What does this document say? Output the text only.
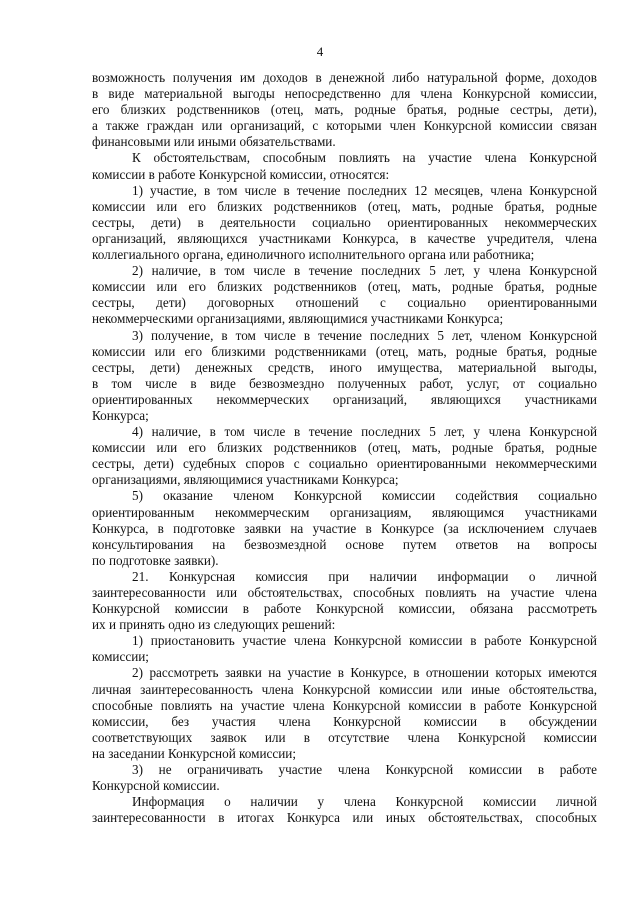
4
возможность получения им доходов в денежной либо натуральной форме, доходов
в виде материальной выгоды непосредственно для члена Конкурсной комиссии,
его близких родственников (отец, мать, родные братья, родные сестры, дети),
а также граждан или организаций, с которыми член Конкурсной комиссии связан
финансовыми или иными обязательствами.
К обстоятельствам, способным повлиять на участие члена Конкурсной
комиссии в работе Конкурсной комиссии, относятся:
1) участие, в том числе в течение последних 12 месяцев, члена Конкурсной
комиссии или его близких родственников (отец, мать, родные братья, родные
сестры, дети) в деятельности социально ориентированных некоммерческих
организаций, являющихся участниками Конкурса, в качестве учредителя, члена
коллегиального органа, единоличного исполнительного органа или работника;
2) наличие, в том числе в течение последних 5 лет, у члена Конкурсной
комиссии или его близких родственников (отец, мать, родные братья, родные
сестры, дети) договорных отношений с социально ориентированными
некоммерческими организациями, являющимися участниками Конкурса;
3) получение, в том числе в течение последних 5 лет, членом Конкурсной
комиссии или его близкими родственниками (отец, мать, родные братья, родные
сестры, дети) денежных средств, иного имущества, материальной выгоды,
в том числе в виде безвозмездно полученных работ, услуг, от социально
ориентированных некоммерческих организаций, являющихся участниками
Конкурса;
4) наличие, в том числе в течение последних 5 лет, у члена Конкурсной
комиссии или его близких родственников (отец, мать, родные братья, родные
сестры, дети) судебных споров с социально ориентированными некоммерческими
организациями, являющимися участниками Конкурса;
5) оказание членом Конкурсной комиссии содействия социально
ориентированным некоммерческим организациям, являющимся участниками
Конкурса, в подготовке заявки на участие в Конкурсе (за исключением случаев
консультирования на безвозмездной основе путем ответов на вопросы
по подготовке заявки).
21. Конкурсная комиссия при наличии информации о личной
заинтересованности или обстоятельствах, способных повлиять на участие члена
Конкурсной комиссии в работе Конкурсной комиссии, обязана рассмотреть
их и принять одно из следующих решений:
1) приостановить участие члена Конкурсной комиссии в работе Конкурсной
комиссии;
2) рассмотреть заявки на участие в Конкурсе, в отношении которых имеются
личная заинтересованность члена Конкурсной комиссии или иные обстоятельства,
способные повлиять на участие члена Конкурсной комиссии в работе Конкурсной
комиссии, без участия члена Конкурсной комиссии в обсуждении
соответствующих заявок или в отсутствие члена Конкурсной комиссии
на заседании Конкурсной комиссии;
3) не ограничивать участие члена Конкурсной комиссии в работе
Конкурсной комиссии.
Информация о наличии у члена Конкурсной комиссии личной
заинтересованности в итогах Конкурса или иных обстоятельствах, способных
